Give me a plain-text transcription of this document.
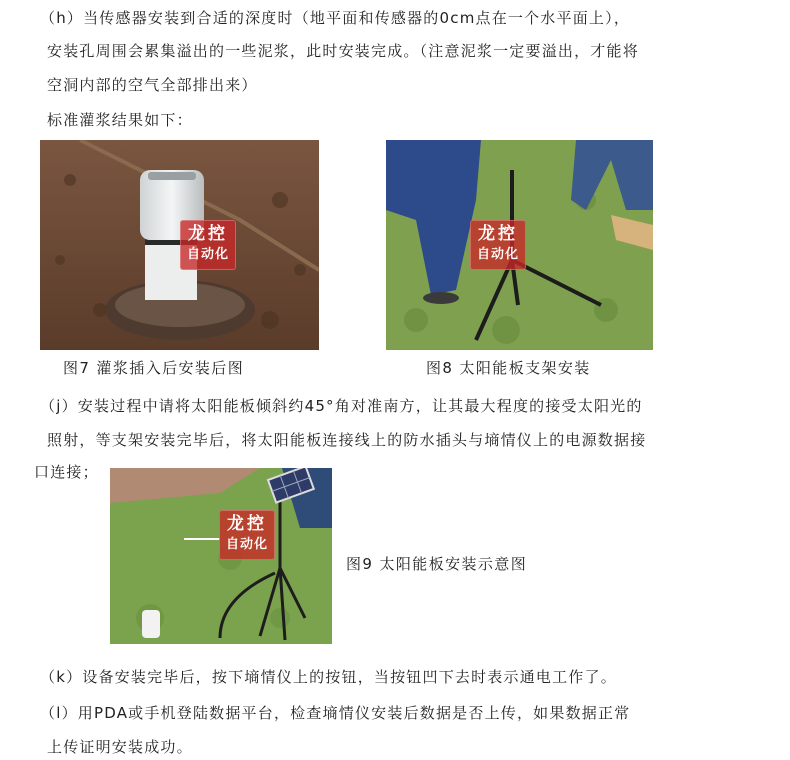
（h）当传感器安装到合适的深度时（地平面和传感器的0cm点在一个水平面上），
安装孔周围会累集溢出的一些泥浆，此时安装完成。（注意泥浆一定要溢出，才能将
空洞内部的空气全部排出来）
标准灌浆结果如下：
龙控
自动化
图7 灌浆插入后安装后图
龙控
自动化
图8 太阳能板支架安装
（j）安装过程中请将太阳能板倾斜约45°角对准南方，让其最大程度的接受太阳光的
照射，等支架安装完毕后，将太阳能板连接线上的防水插头与墒情仪上的电源数据接
口连接；
龙控
自动化
图9 太阳能板安装示意图
（k）设备安装完毕后，按下墒情仪上的按钮，当按钮凹下去时表示通电工作了。
（l）用PDA或手机登陆数据平台，检查墒情仪安装后数据是否上传，如果数据正常
上传证明安装成功。
